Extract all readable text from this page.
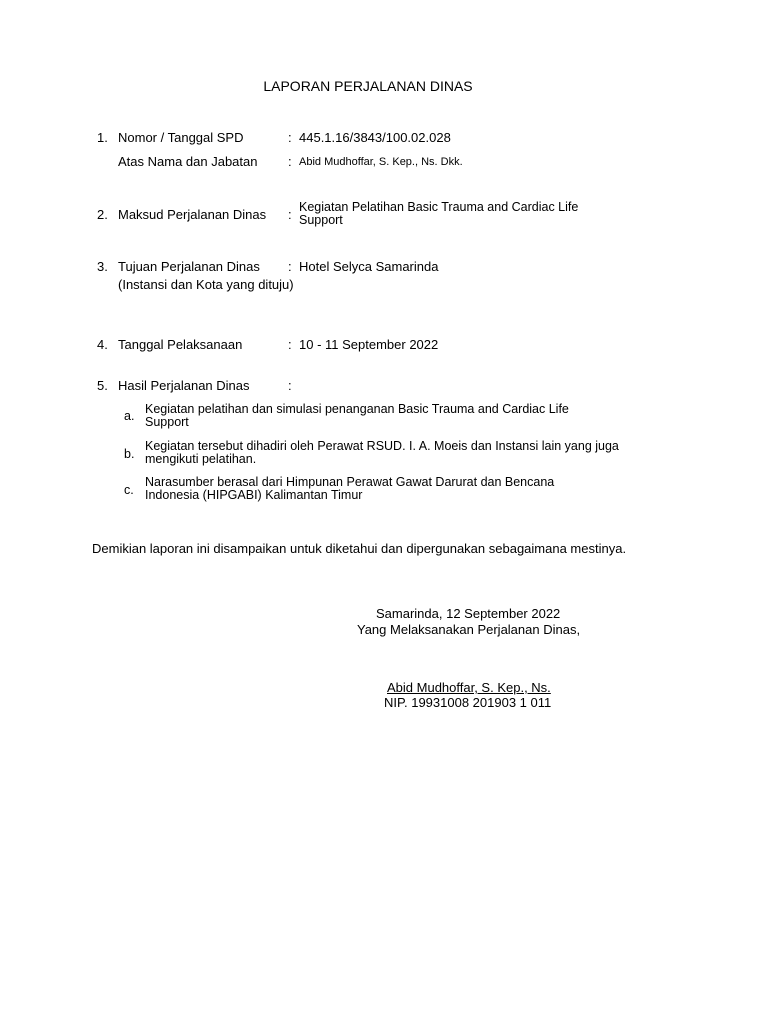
LAPORAN PERJALANAN DINAS
1. Nomor / Tanggal SPD	: 445.1.16/3843/100.02.028
Atas Nama dan Jabatan : Abid Mudhoffar, S. Kep., Ns. Dkk.
2. Maksud Perjalanan Dinas : Kegiatan Pelatihan Basic Trauma and Cardiac Life Support
3. Tujuan Perjalanan Dinas
(Instansi dan Kota yang dituju)
: Hotel Selyca Samarinda
4. Tanggal Pelaksanaan	: 10 - 11 September 2022
5. Hasil Perjalanan Dinas	:
a. Kegiatan pelatihan dan simulasi penanganan Basic Trauma and Cardiac Life Support
b.
Kegiatan tersebut dihadiri oleh Perawat RSUD. I. A. Moeis dan Instansi lain yang juga mengikuti pelatihan.
c.
Narasumber berasal dari Himpunan Perawat Gawat Darurat dan Bencana Indonesia (HIPGABI) Kalimantan Timur
Demikian laporan ini disampaikan untuk diketahui dan dipergunakan sebagaimana mestinya.
Samarinda, 12 September 2022
Yang Melaksanakan Perjalanan Dinas,
Abid Mudhoffar, S. Kep., Ns.
NIP. 19931008 201903 1 011
